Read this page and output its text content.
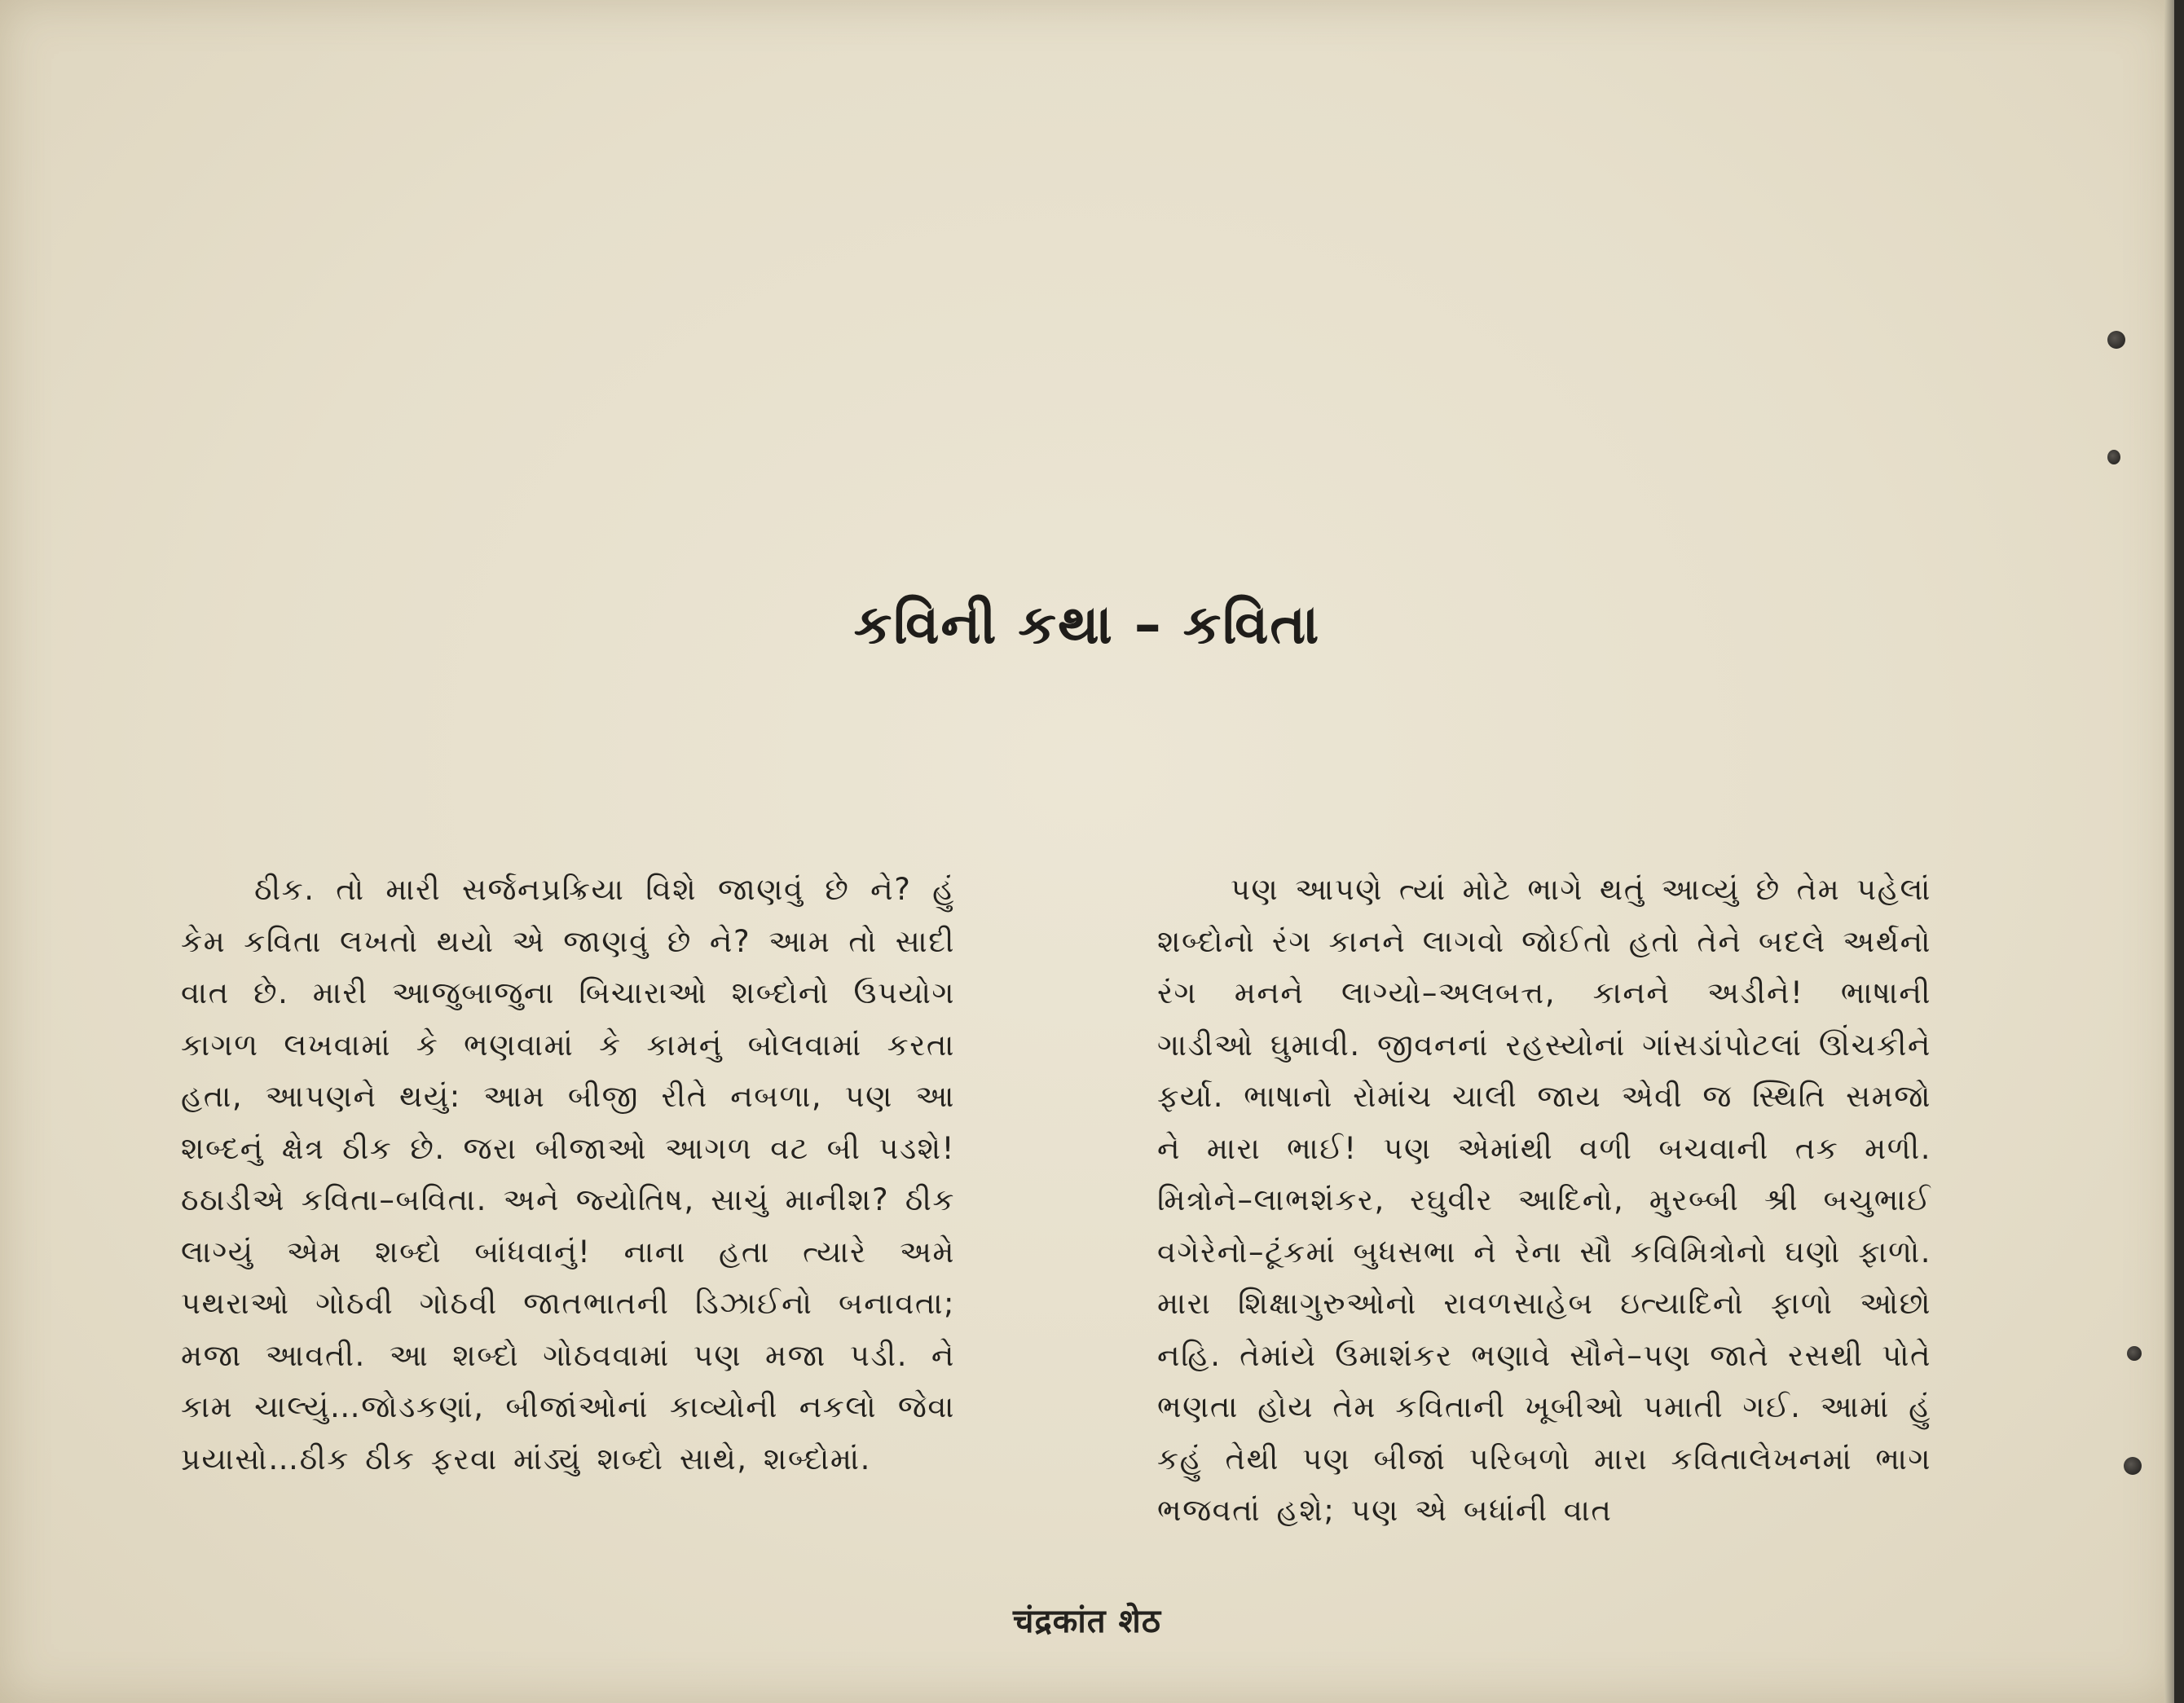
કવિની કથા – કવિતા

ઠીક. તો મારી સર્જનપ્રક્રિયા વિશે જાણવું છે ને? હું કેમ કવિતા લખતો થયો એ જાણવું છે ને? આમ તો સાદી વાત છે. મારી આજુબાજુના બિચારાઓ શબ્દોનો ઉપયોગ કાગળ લખવામાં કે ભણવામાં કે કામનું બોલવામાં કરતા હતા, આપણને થયું: આમ બીજી રીતે નબળા, પણ આ શબ્દનું ક્ષેત્ર ઠીક છે. જરા બીજાઓ આગળ વટ બી પડશે! ઠઠાડીએ કવિતા–બવિતા. અને જ્યોતિષ, સાચું માનીશ? ઠીક લાગ્યું એમ શબ્દો બાંધવાનું! નાના હતા ત્યારે અમે પથરાઓ ગોઠવી ગોઠવી જાતભાતની ડિઝાઈનો બનાવતા; મજા આવતી. આ શબ્દો ગોઠવવામાં પણ મજા પડી. ને કામ ચાલ્યું…જોડકણાં, બીજાંઓનાં કાવ્યોની નકલો જેવા પ્રયાસો…ઠીક ઠીક ફરવા માંડ્યું શબ્દો સાથે, શબ્દોમાં.

પણ આપણે ત્યાં મોટે ભાગે થતું આવ્યું છે તેમ પહેલાં શબ્દોનો રંગ કાનને લાગવો જોઈતો હતો તેને બદલે અર્થનો રંગ મનને લાગ્યો–અલબત્ત, કાનને અડીને! ભાષાની ગાડીઓ ઘુમાવી. જીવનનાં રહસ્યોનાં ગાંસડાંપોટલાં ઊંચકીને ફર્યા. ભાષાનો રોમાંચ ચાલી જાય એવી જ સ્થિતિ સમજો ને મારા ભાઈ! પણ એમાંથી વળી બચવાની તક મળી. મિત્રોને–લાભશંકર, રઘુવીર આદિનો, મુરબ્બી શ્રી બચુભાઈ વગેરેનો–ટૂંકમાં બુધસભા ને રેના સૌ કવિમિત્રોનો ઘણો ફાળો. મારા શિક્ષાગુરુઓનો રાવળસાહેબ ઇત્યાદિનો ફાળો ઓછો નહિ. તેમાંયે ઉમાશંકર ભણાવે સૌને–પણ જાતે રસથી પોતે ભણતા હોય તેમ કવિતાની ખૂબીઓ પમાતી ગઈ. આમાં હું કહું તેથી પણ બીજાં પરિબળો મારા કવિતાલેખનમાં ભાગ ભજવતાં હશે; પણ એ બધાંની વાત

चंद्रकांत शेठ
